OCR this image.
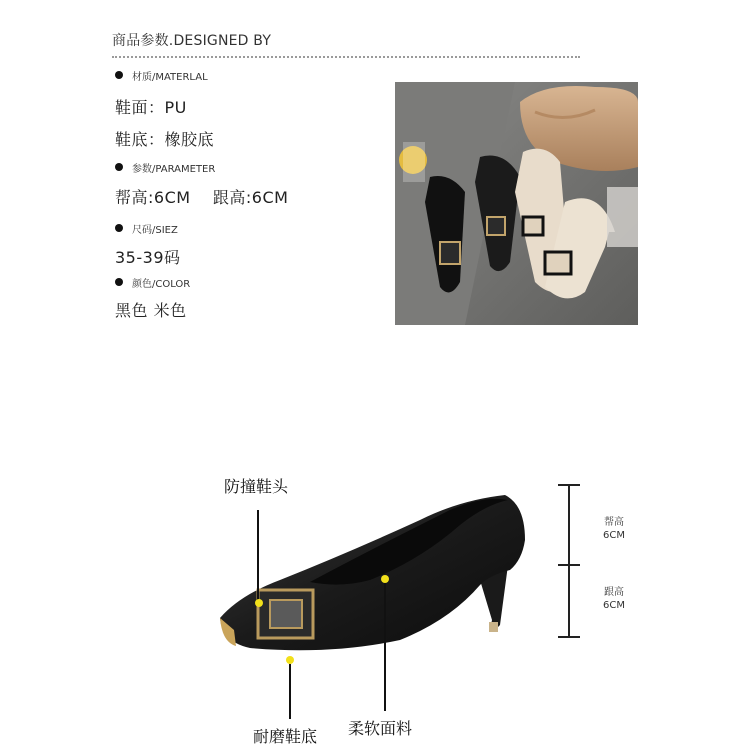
商品参数.DESIGNED BY
材质/MATERLAL
鞋面：PU
鞋底：橡胶底
参数/PARAMETER
帮高:6CM    跟高:6CM
尺码/SIEZ
35-39码
颜色/COLOR
黑色 米色
防撞鞋头
耐磨鞋底 柔软面料
帮高
6CM
跟高
6CM
